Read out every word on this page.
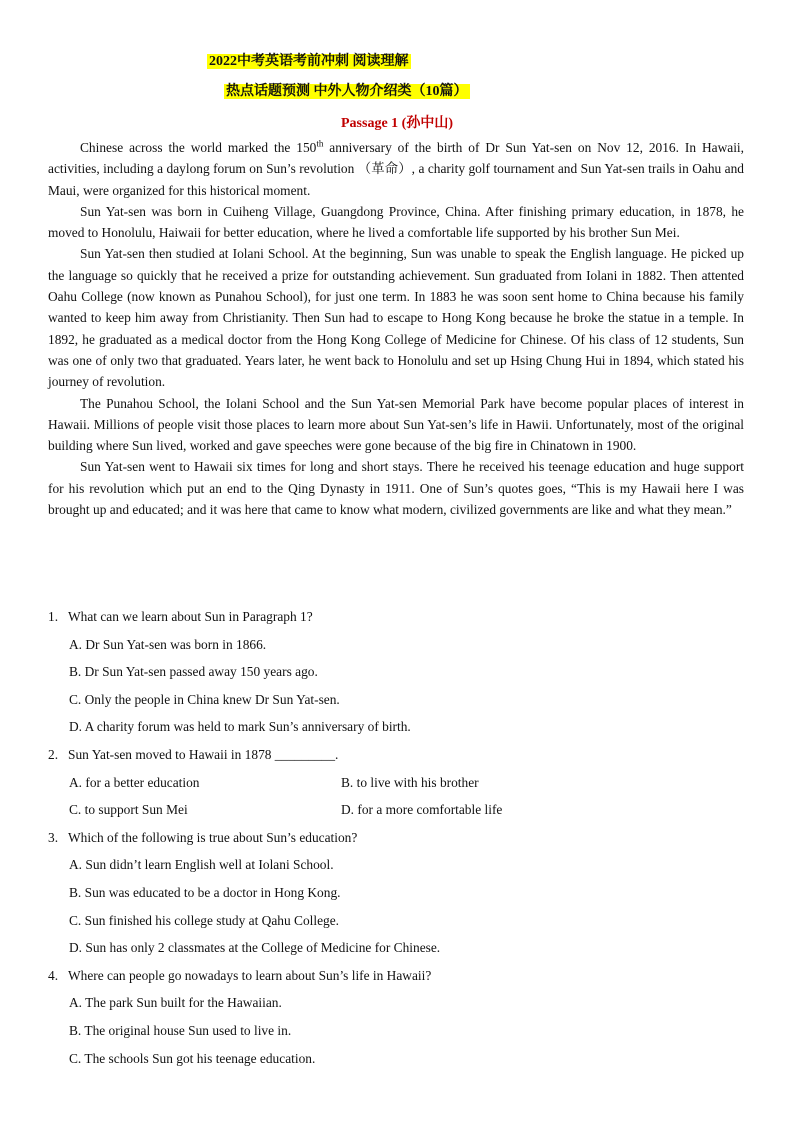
2022中考英语考前冲刺 阅读理解
热点话题预测 中外人物介绍类（10篇）
Passage 1 (孙中山)

Chinese across the world marked the 150th anniversary of the birth of Dr Sun Yat-sen on Nov 12, 2016. In Hawaii, activities, including a daylong forum on Sun’s revolution （革命）, a charity golf tournament and Sun Yat-sen trails in Oahu and Maui, were organized for this historical moment.

Sun Yat-sen was born in Cuiheng Village, Guangdong Province, China. After finishing primary education, in 1878, he moved to Honolulu, Haiwaii for better education, where he lived a comfortable life supported by his brother Sun Mei.

Sun Yat-sen then studied at Iolani School. At the beginning, Sun was unable to speak the English language. He picked up the language so quickly that he received a prize for outstanding achievement. Sun graduated from Iolani in 1882. Then attented Oahu College (now known as Punahou School), for just one term. In 1883 he was soon sent home to China because his family wanted to keep him away from Christianity. Then Sun had to escape to Hong Kong because he broke the statue in a temple. In 1892, he graduated as a medical doctor from the Hong Kong College of Medicine for Chinese. Of his class of 12 students, Sun was one of only two that graduated. Years later, he went back to Honolulu and set up Hsing Chung Hui in 1894, which stated his journey of revolution.

The Punahou School, the Iolani School and the Sun Yat-sen Memorial Park have become popular places of interest in Hawaii. Millions of people visit those places to learn more about Sun Yat-sen’s life in Hawii. Unfortunately, most of the original building where Sun lived, worked and gave speeches were gone because of the big fire in Chinatown in 1900.

Sun Yat-sen went to Hawaii six times for long and short stays. There he received his teenage education and huge support for his revolution which put an end to the Qing Dynasty in 1911. One of Sun’s quotes goes, “This is my Hawaii here I was brought up and educated; and it was here that came to know what modern, civilized governments are like and what they mean.”

1. What can we learn about Sun in Paragraph 1?
A. Dr Sun Yat-sen was born in 1866.
B. Dr Sun Yat-sen passed away 150 years ago.
C. Only the people in China knew Dr Sun Yat-sen.
D. A charity forum was held to mark Sun’s anniversary of birth.
2. Sun Yat-sen moved to Hawaii in 1878 _________.
A. for a better education	B. to live with his brother
C. to support Sun Mei	D. for a more comfortable life
3. Which of the following is true about Sun’s education?
A. Sun didn’t learn English well at Iolani School.
B. Sun was educated to be a doctor in Hong Kong.
C. Sun finished his college study at Qahu College.
D. Sun has only 2 classmates at the College of Medicine for Chinese.
4. Where can people go nowadays to learn about Sun’s life in Hawaii?
A. The park Sun built for the Hawaiian.
B. The original house Sun used to live in.
C. The schools Sun got his teenage education.
